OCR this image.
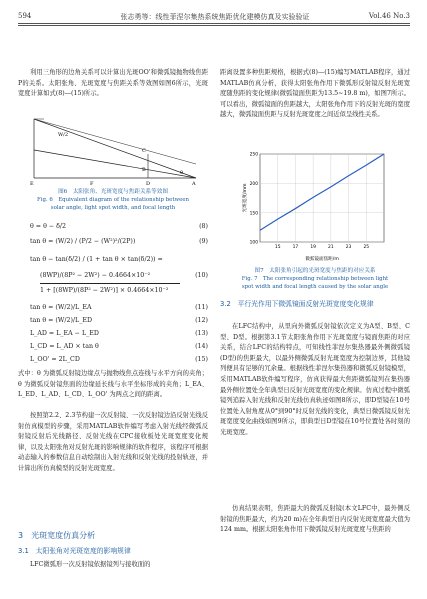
594	张志勇等：线性菲涅尔集热系统焦距优化建模仿真及实验验证	Vol.46 No.3
利用三角形的边角关系可以计算出光斑OO'和微弧镜抛物线焦距P的关系。太阳张角、光斑宽度与焦距关系等效图如图6所示，光斑宽度计算如式(8)—(15)所示。
W/2
C
B
E	F	D	A
θ
图6　太阳张角、光斑宽度与焦距关系等效图
Fig. 6　Equivalent diagram of the relationship between
solar angle, light spot width, and focal length
θ = θ − δ/2	(8)
tan θ = (W/2) / (P/2 − (W²)²/(2P))	(9)
tan θ − tan(δ/2) / (1 + tan θ × tan(δ/2)) =
(8WP)/(8P² − 2W²) − 0.4664×10⁻²	(10)
1 + [(8WP)/(8P² − 2W²)] × 0.4664×10⁻²
tan θ = (W/2)/L_EA	(11)
tan θ = (W/2)/L_ED	(12)
L_AD = L_EA − L_ED	(13)
L_CD = L_AD × tan θ	(14)
L_OO' = 2L_CD	(15)
式中：θ 为微弧反射镜边缘点与抛物线焦点连线与水平方向的夹角；θ 为微弧反射镜焦面的边缘延长线与水平坐标形成的夹角；L_EA、L_ED、L_AD、L_CD、L_OO' 为两点之间的距离。
按照第2.2、2.3节构建一次反射镜、一次反射镜边沿反射光线反射仿真模型的步骤，采用MATLAB软件编写考虑入射光线经微弧反射镜反射后光线路径、反射光线在CPC接收板处光斑宽度变化规律，以及太阳张角对反射光斑的影响规律的软件程序，该程序可根据动态输入的参数信息自动绘制出入射光线和反射光线的投射轨迹，并计算出所仿真模型的反射光斑宽度。
3　光斑宽度仿真分析
3.1　太阳张角对光斑宽度的影响规律
LFC微弧形一次反射镜依据镜列与接收面的
距离设置多种焦距规格，根据式(8)—(15)编写MATLAB程序，通过MATLAB仿真分析，获得太阳张角作用下微弧形反射镜反射光斑宽度随焦距的变化规律(微弧镜面焦距为13.5~19.8 m)，如图7所示。可以看出，微弧镜面的焦距越大，太阳张角作用下的反射光斑的宽度越大，微弧镜面焦距与反射光斑宽度之间近似呈线性关系。
100
150
200
250
15	17	19	21	23	25
微弧镜面焦距/m
光斑宽度/mm
图7　太阳张角引起的光斑宽度与焦距的对应关系
Fig. 7　The corresponding relationship between light
spot width and focal length caused by the solar angle
3.2　平行光作用下微弧镜面反射光斑宽度变化规律
在LFC结构中，从里向外微弧反射镜依次定义为A型、B型、C型、D型。根据第3.1节太阳张角作用下光斑宽度与镜面焦距的对应关系，结合LFC的结构特点，可知线性菲涅尔集热器最外侧微弧镜(D型)的焦距最大，以最外侧微弧反射光斑宽度为控制边界，其他镜列便具有足够的冗余量。根据线性菲涅尔集热器和微弧反射镜模型，采用MATLAB软件编写程序，仿真获得最大焦距微弧镜列在集热器最外侧位置处全年典型日反射光斑宽度的变化规律。仿真过程中微弧镜列追踪入射光线和反射光线仿真轨迹如图8所示，即D型镜在10号位置处入射角度从0°到90°时反射光线的变化，典型日微弧镜反射光斑宽度变化曲线如图9所示，即典型日D型镜在10号位置处各时刻的光斑宽度。
仿真结果表明，焦距最大的微弧反射镜(本文LFC中，最外侧反射镜的焦距最大，约为20 m)在全年典型日内反射光斑宽度最大值为124 mm。根据太阳张角作用下微弧镜反射光斑宽度与焦距的
